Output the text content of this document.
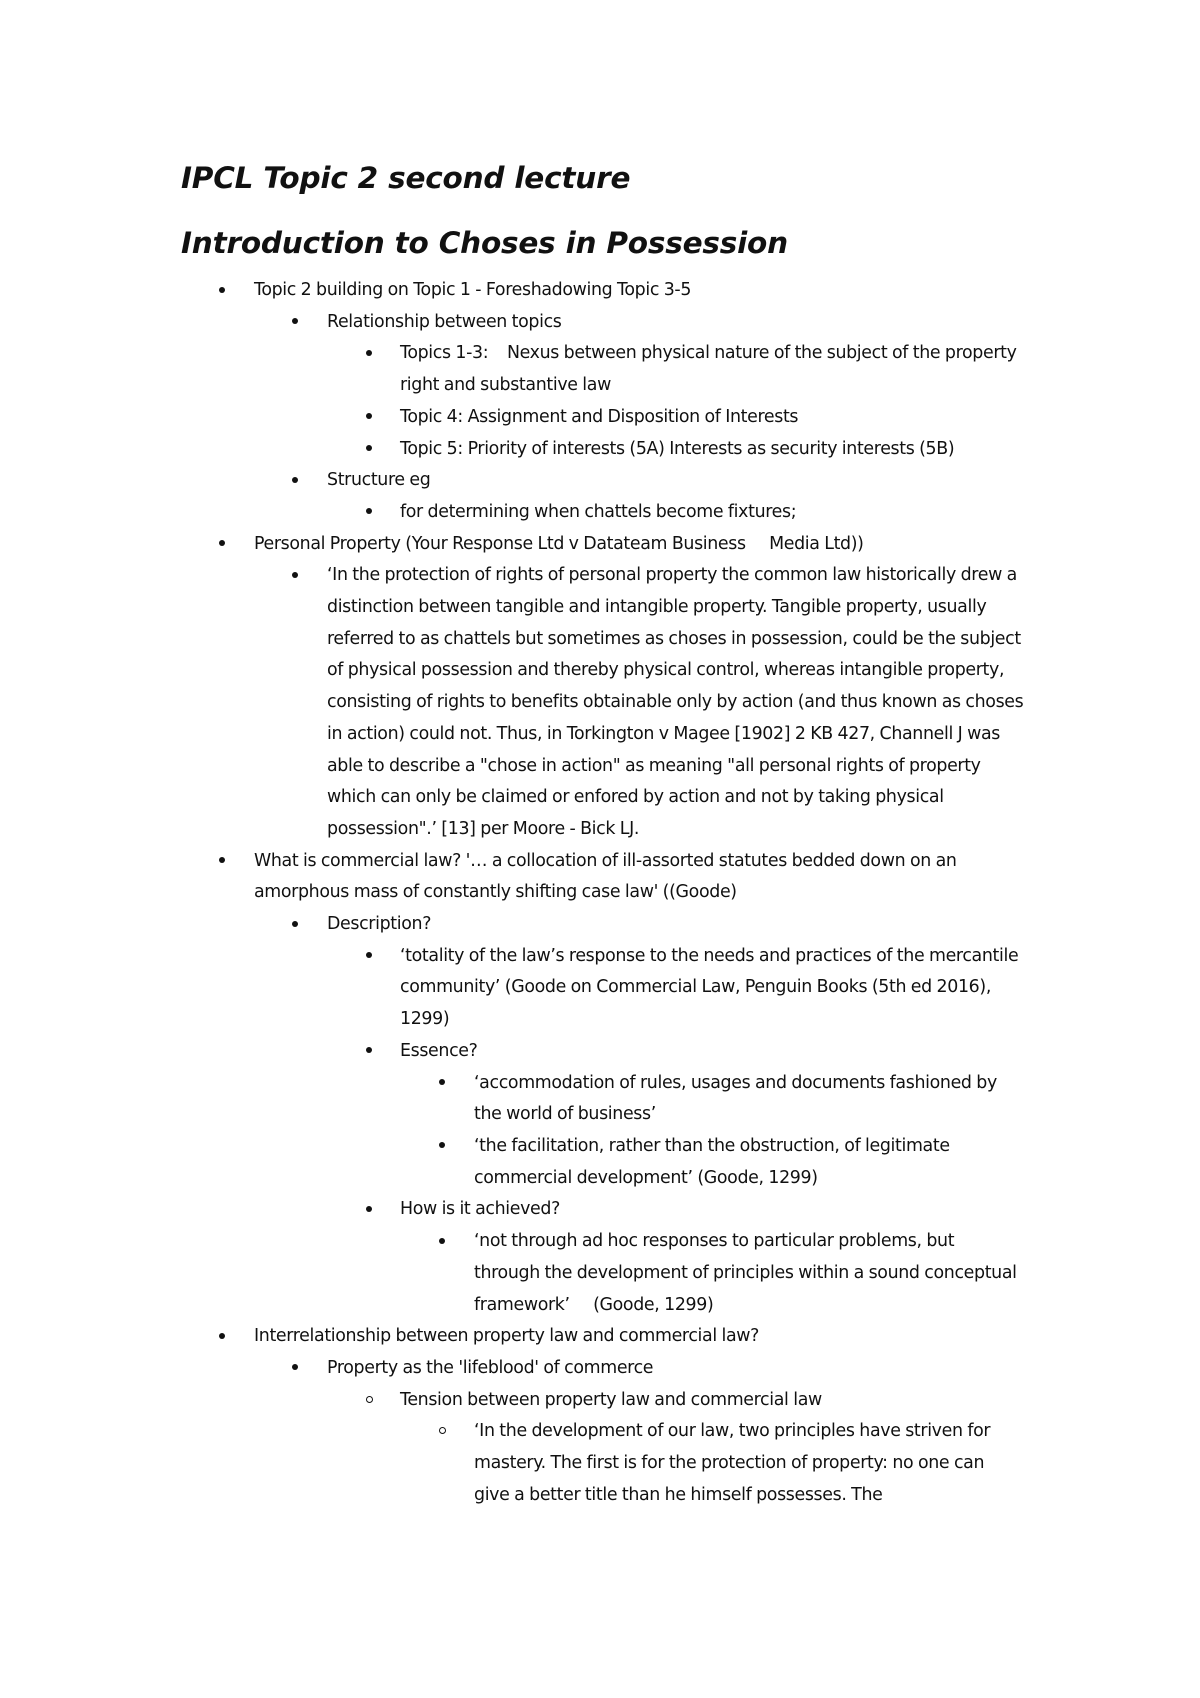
IPCL Topic 2 second lecture
Introduction to Choses in Possession
Topic 2 building on Topic 1 - Foreshadowing Topic 3-5
Relationship between topics
Topics 1-3:    Nexus between physical nature of the subject of the property right and substantive law
Topic 4: Assignment and Disposition of Interests
Topic 5: Priority of interests (5A) Interests as security interests (5B)
Structure eg
for determining when chattels become fixtures;
Personal Property (Your Response Ltd v Datateam Business     Media Ltd))
‘In the protection of rights of personal property the common law historically drew a distinction between tangible and intangible property. Tangible property, usually referred to as chattels but sometimes as choses in possession, could be the subject of physical possession and thereby physical control, whereas intangible property, consisting of rights to benefits obtainable only by action (and thus known as choses in action) could not. Thus, in Torkington v Magee [1902] 2 KB 427, Channell J was able to describe a "chose in action" as meaning "all personal rights of property which can only be claimed or enfored by action and not by taking physical possession".’ [13] per Moore - Bick LJ.
What is commercial law? '… a collocation of ill-assorted statutes bedded down on an amorphous mass of constantly shifting case law' ((Goode)
Description?
‘totality of the law’s response to the needs and practices of the mercantile community’ (Goode on Commercial Law, Penguin Books (5th ed 2016), 1299)
Essence?
‘accommodation of rules, usages and documents fashioned by the world of business’
‘the facilitation, rather than the obstruction, of legitimate commercial development’ (Goode, 1299)
How is it achieved?
‘not through ad hoc responses to particular problems, but through the development of principles within a sound conceptual framework’     (Goode, 1299)
Interrelationship between property law and commercial law?
Property as the 'lifeblood' of commerce
Tension between property law and commercial law
‘In the development of our law, two principles have striven for mastery. The first is for the protection of property: no one can give a better title than he himself possesses. The
